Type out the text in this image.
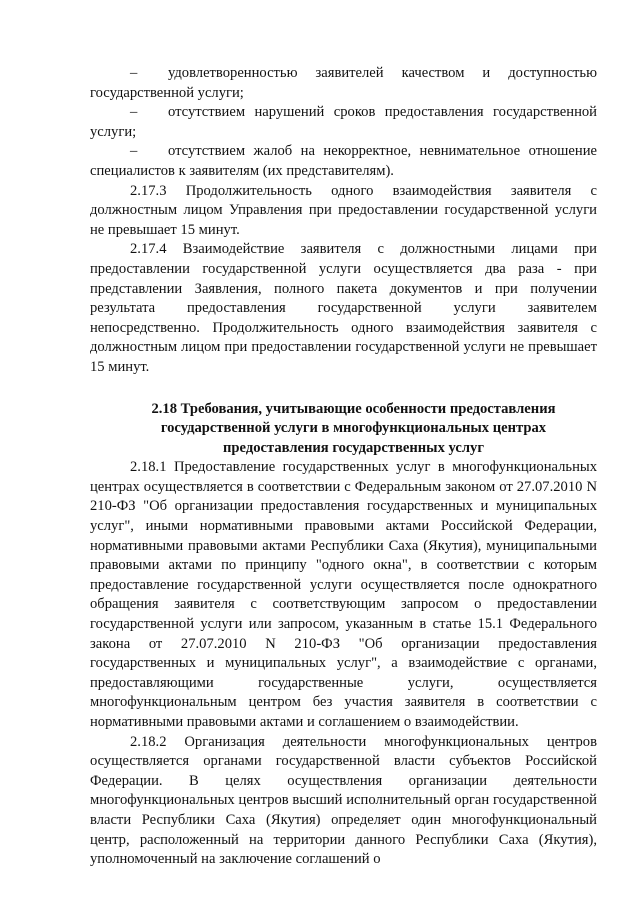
– удовлетворенностью заявителей качеством и доступностью государственной услуги;

– отсутствием нарушений сроков предоставления государственной услуги;

– отсутствием жалоб на некорректное, невнимательное отношение специалистов к заявителям (их представителям).

2.17.3 Продолжительность одного взаимодействия заявителя с должностным лицом Управления при предоставлении государственной услуги не превышает 15 минут.

2.17.4 Взаимодействие заявителя с должностными лицами при предоставлении государственной услуги осуществляется два раза - при представлении Заявления, полного пакета документов и при получении результата предоставления государственной услуги заявителем непосредственно. Продолжительность одного взаимодействия заявителя с должностным лицом при предоставлении государственной услуги не превышает 15 минут.

2.18 Требования, учитывающие особенности предоставления государственной услуги в многофункциональных центрах предоставления государственных услуг

2.18.1 Предоставление государственных услуг в многофункциональных центрах осуществляется в соответствии с Федеральным законом от 27.07.2010 N 210-ФЗ "Об организации предоставления государственных и муниципальных услуг", иными нормативными правовыми актами Российской Федерации, нормативными правовыми актами Республики Саха (Якутия), муниципальными правовыми актами по принципу "одного окна", в соответствии с которым предоставление государственной услуги осуществляется после однократного обращения заявителя с соответствующим запросом о предоставлении государственной услуги или запросом, указанным в статье 15.1 Федерального закона от 27.07.2010 N 210-ФЗ "Об организации предоставления государственных и муниципальных услуг", а взаимодействие с органами, предоставляющими государственные услуги, осуществляется многофункциональным центром без участия заявителя в соответствии с нормативными правовыми актами и соглашением о взаимодействии.

2.18.2 Организация деятельности многофункциональных центров осуществляется органами государственной власти субъектов Российской Федерации. В целях осуществления организации деятельности многофункциональных центров высший исполнительный орган государственной власти Республики Саха (Якутия) определяет один многофункциональный центр, расположенный на территории данного Республики Саха (Якутия), уполномоченный на заключение соглашений о
